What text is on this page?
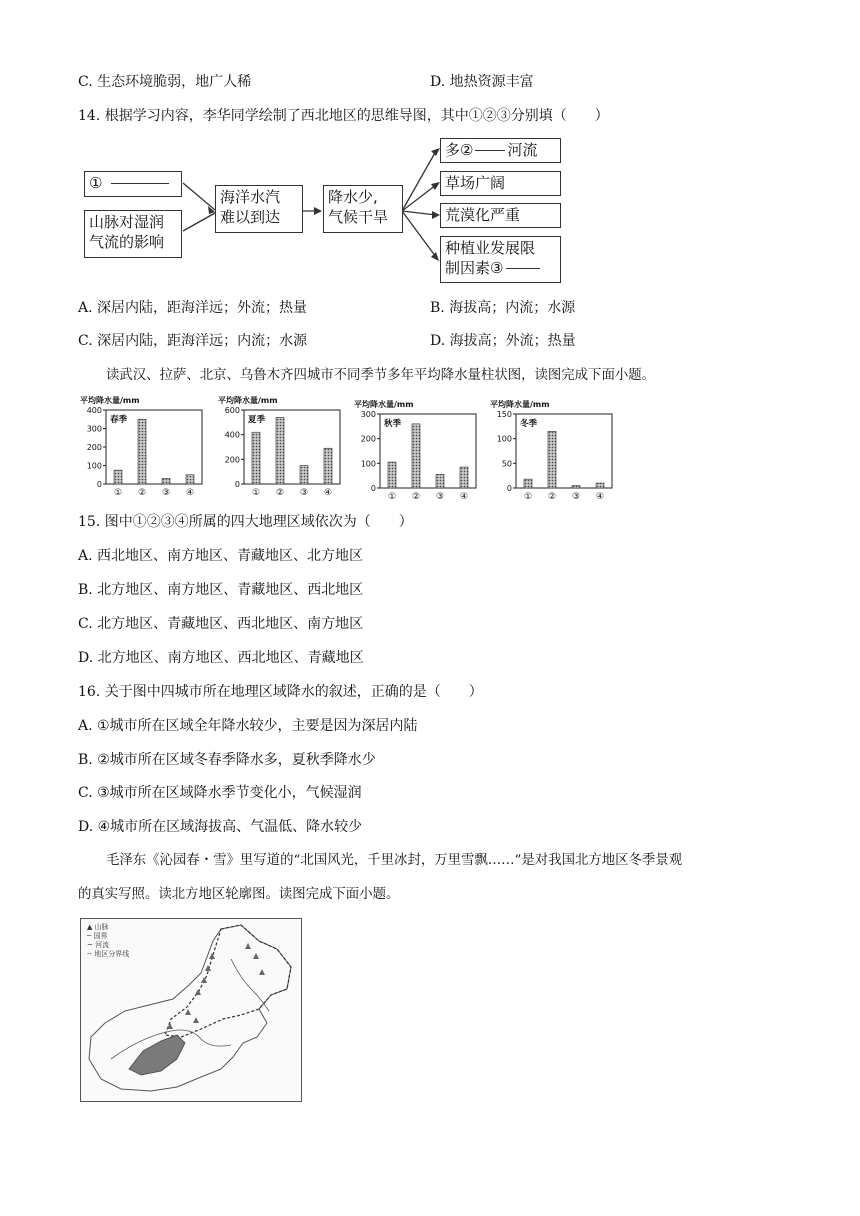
C. 生态环境脆弱，地广人稀	D. 地热资源丰富
14. 根据学习内容，李华同学绘制了西北地区的思维导图，其中①②③分别填（　　）
①
山脉对湿润
气流的影响
海洋水汽
难以到达
降水少,
气候干旱
多② 河流
草场广阔
荒漠化严重
种植业发展限
制因素③
A. 深居内陆，距海洋远；外流；热量	B. 海拔高；内流；水源
C. 深居内陆，距海洋远；内流；水源	D. 海拔高；外流；热量
读武汉、拉萨、北京、乌鲁木齐四城市不同季节多年平均降水量柱状图，读图完成下面小题。
平均降水量/mm
春季
0
100
200
300
400
① ② ③ ④
平均降水量/mm
夏季
0
200
400
600
① ② ③ ④
平均降水量/mm
秋季
0
100
200
300
① ② ③ ④
平均降水量/mm
冬季
0
50
100
150
① ② ③ ④
15. 图中①②③④所属的四大地理区域依次为（　　）
A. 西北地区、南方地区、青藏地区、北方地区
B. 北方地区、南方地区、青藏地区、西北地区
C. 北方地区、青藏地区、西北地区、南方地区
D. 北方地区、南方地区、西北地区、青藏地区
16. 关于图中四城市所在地理区域降水的叙述，正确的是（　　）
A. ①城市所在区域全年降水较少，主要是因为深居内陆
B. ②城市所在区域冬春季降水多，夏秋季降水少
C. ③城市所在区域降水季节变化小，气候湿润
D. ④城市所在区域海拔高、气温低、降水较少
毛泽东《沁园春・雪》里写道的“北国风光，千里冰封，万里雪飘……”是对我国北方地区冬季景观
的真实写照。读北方地区轮廓图。读图完成下面小题。
▲ 山脉
─ 国界
~ 河流
-- 地区分界线
